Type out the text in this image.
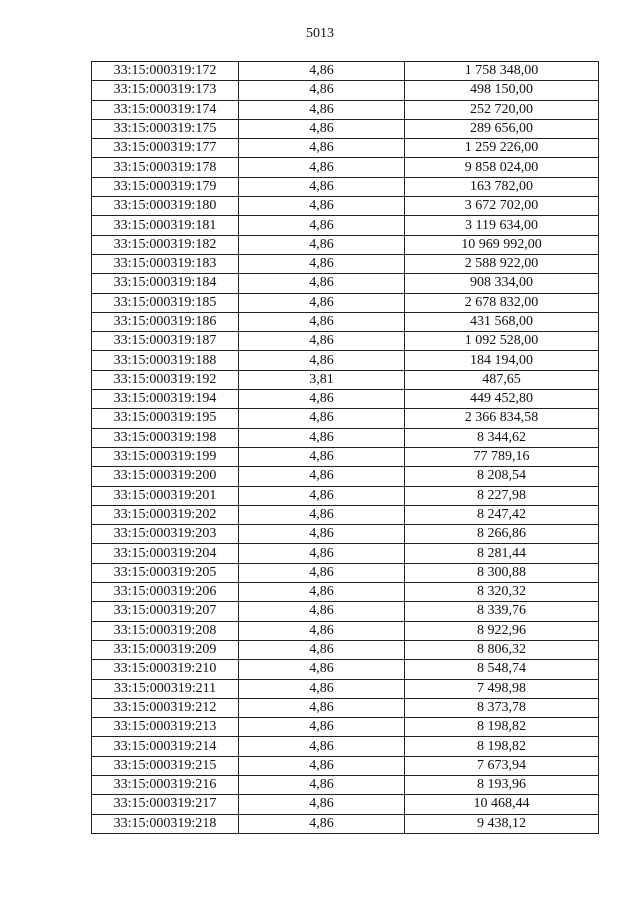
5013
33:15:000319:172	4,86	1 758 348,00
33:15:000319:173	4,86	498 150,00
33:15:000319:174	4,86	252 720,00
33:15:000319:175	4,86	289 656,00
33:15:000319:177	4,86	1 259 226,00
33:15:000319:178	4,86	9 858 024,00
33:15:000319:179	4,86	163 782,00
33:15:000319:180	4,86	3 672 702,00
33:15:000319:181	4,86	3 119 634,00
33:15:000319:182	4,86	10 969 992,00
33:15:000319:183	4,86	2 588 922,00
33:15:000319:184	4,86	908 334,00
33:15:000319:185	4,86	2 678 832,00
33:15:000319:186	4,86	431 568,00
33:15:000319:187	4,86	1 092 528,00
33:15:000319:188	4,86	184 194,00
33:15:000319:192	3,81	487,65
33:15:000319:194	4,86	449 452,80
33:15:000319:195	4,86	2 366 834,58
33:15:000319:198	4,86	8 344,62
33:15:000319:199	4,86	77 789,16
33:15:000319:200	4,86	8 208,54
33:15:000319:201	4,86	8 227,98
33:15:000319:202	4,86	8 247,42
33:15:000319:203	4,86	8 266,86
33:15:000319:204	4,86	8 281,44
33:15:000319:205	4,86	8 300,88
33:15:000319:206	4,86	8 320,32
33:15:000319:207	4,86	8 339,76
33:15:000319:208	4,86	8 922,96
33:15:000319:209	4,86	8 806,32
33:15:000319:210	4,86	8 548,74
33:15:000319:211	4,86	7 498,98
33:15:000319:212	4,86	8 373,78
33:15:000319:213	4,86	8 198,82
33:15:000319:214	4,86	8 198,82
33:15:000319:215	4,86	7 673,94
33:15:000319:216	4,86	8 193,96
33:15:000319:217	4,86	10 468,44
33:15:000319:218	4,86	9 438,12
